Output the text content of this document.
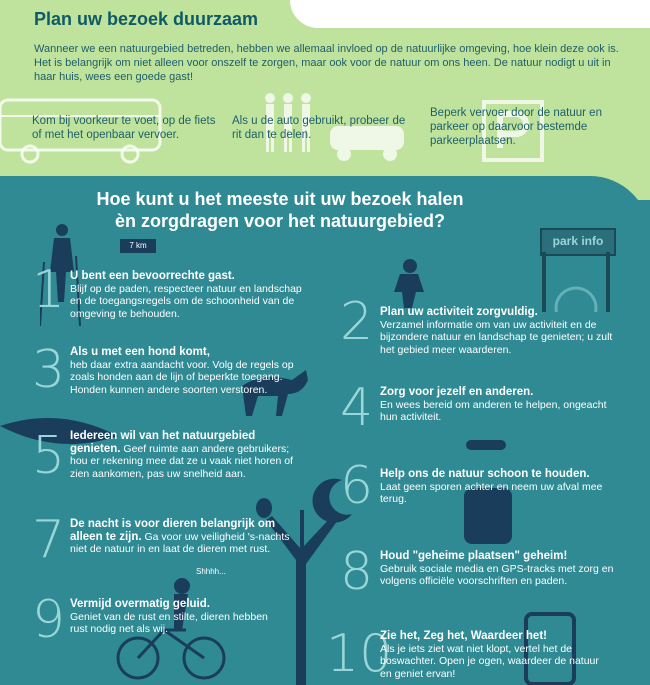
Plan uw bezoek duurzaam

Wanneer we een natuurgebied betreden, hebben we allemaal invloed op de natuurlijke omgeving, hoe klein deze ook is. Het is belangrijk om niet alleen voor onszelf te zorgen, maar ook voor de natuur om ons heen. De natuur nodigt u uit in haar huis, wees een goede gast!

Kom bij voorkeur te voet, op de fiets of met het openbaar vervoer.

Als u de auto gebruikt, probeer de rit dan te delen.

Beperk vervoer door de natuur en parkeer op daarvoor bestemde parkeerplaatsen.

Hoe kunt u het meeste uit uw bezoek halen
èn zorgdragen voor het natuurgebied?
7 km	park info
Shhhh...
1 U bent een bevoorrechte gast.
Blijf op de paden, respecteer natuur en landschap en de toegangsregels om de schoonheid van de omgeving te behouden.	2 Plan uw activiteit zorgvuldig.
Verzamel informatie om van uw activiteit en de bijzondere natuur en landschap te genieten; u zult het gebied meer waarderen.

3 Als u met een hond komt,
heb daar extra aandacht voor. Volg de regels op zoals honden aan de lijn of beperkte toegang. Honden kunnen andere soorten verstoren.	4 Zorg voor jezelf en anderen.
En wees bereid om anderen te helpen, ongeacht hun activiteit.

5 Iedereen wil van het natuurgebied genieten. Geef ruimte aan andere gebruikers; hou er rekening mee dat ze u vaak niet horen of zien aankomen, pas uw snelheid aan.	6 Help ons de natuur schoon te houden. Laat geen sporen achter en neem uw afval mee terug.

7 De nacht is voor dieren belangrijk om alleen te zijn. Ga voor uw veiligheid 's-nachts niet de natuur in en laat de dieren met rust.	8 Houd "geheime plaatsen" geheim!
Gebruik sociale media en GPS-tracks met zorg en volgens officiële voorschriften en paden.

9 Vermijd overmatig geluid.
Geniet van de rust en stilte, dieren hebben rust nodig net als wij.	10

Zie het, Zeg het, Waardeer het!
Als je iets ziet wat niet klopt, vertel het de boswachter. Open je ogen, waardeer de natuur en geniet ervan!
